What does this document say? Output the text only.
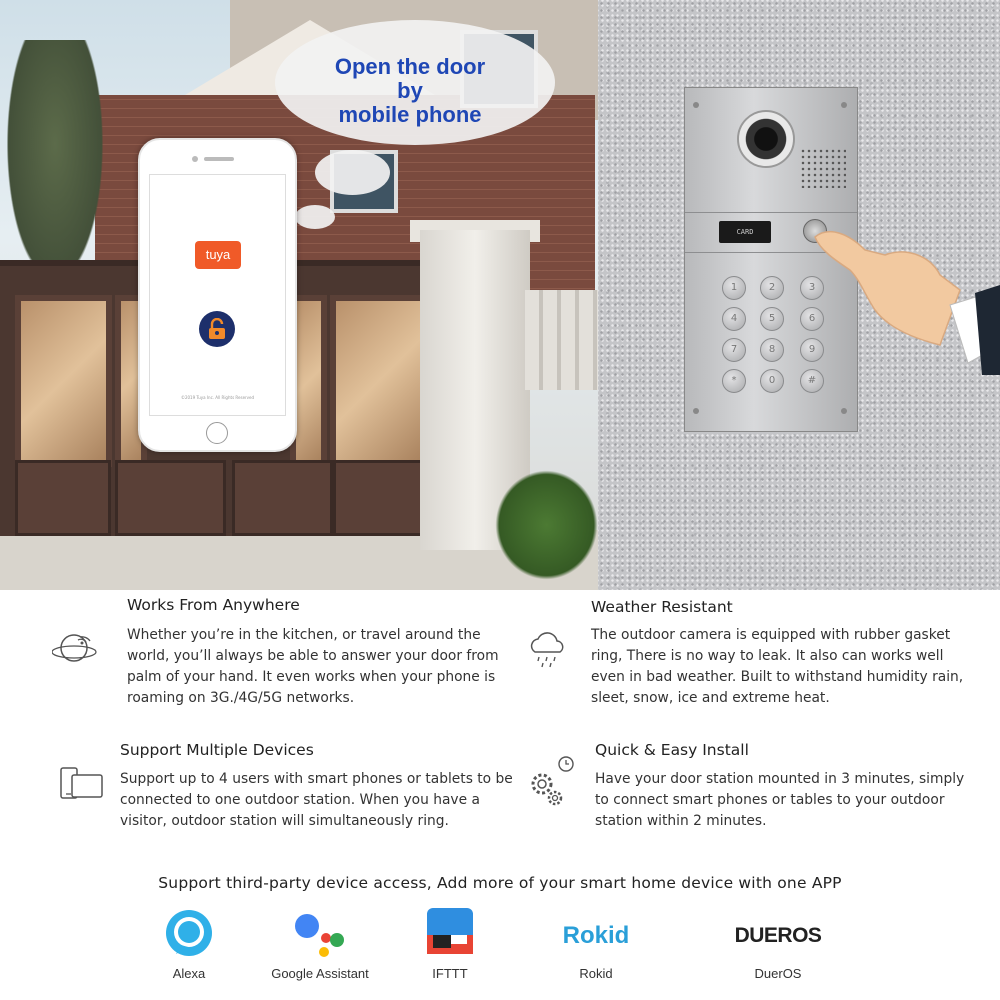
Open the door
by
mobile phone
tuya
©2019 Tuya Inc. All Rights Reserved
CARD
1	2	3
4	5	6
7	8	9
*	0	#
Works From Anywhere
Whether you’re in the kitchen, or travel around the world, you’ll always be able to answer your door from palm of your hand. It even works when your phone is roaming on 3G./4G/5G networks.
Weather Resistant
The outdoor camera is equipped with rubber gasket ring, There is no way to leak. It also can works well even in bad weather. Built to withstand humidity rain, sleet, snow, ice and extreme heat.
Support Multiple Devices
Support up to 4 users with smart phones or tablets to be connected to one outdoor station. When you have a visitor, outdoor station will simultaneously ring.
Quick & Easy Install
Have your door station mounted in 3 minutes, simply to connect smart phones or tables to your outdoor station within 2 minutes.
Support third-party device access, Add more of your smart home device with one APP
Alexa	Google Assistant	IFTTT
Rokid
Rokid
DUEROS
DuerOS
